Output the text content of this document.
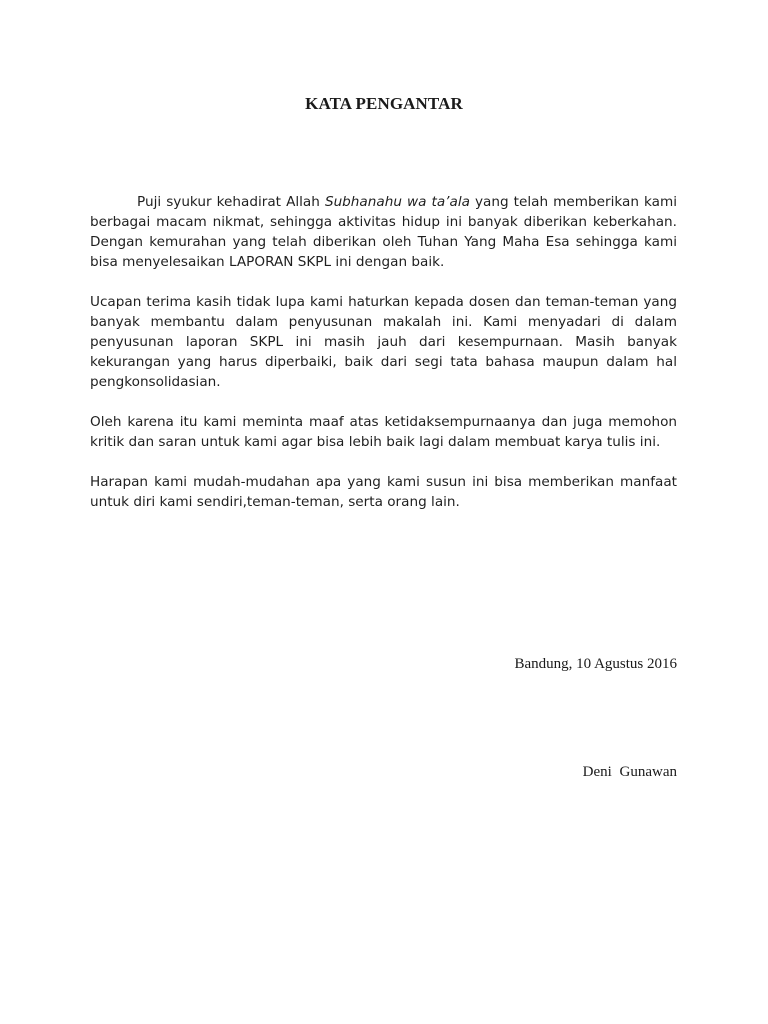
KATA PENGANTAR

Puji syukur kehadirat Allah Subhanahu wa ta’ala yang telah memberikan kami berbagai macam nikmat, sehingga aktivitas hidup ini banyak diberikan keberkahan. Dengan kemurahan yang telah diberikan oleh Tuhan Yang Maha Esa sehingga kami bisa menyelesaikan LAPORAN SKPL ini dengan baik.

Ucapan terima kasih tidak lupa kami haturkan kepada dosen dan teman-teman yang banyak membantu dalam penyusunan makalah ini. Kami menyadari di dalam penyusunan laporan SKPL ini masih jauh dari kesempurnaan. Masih banyak kekurangan yang harus diperbaiki, baik dari segi tata bahasa maupun dalam hal pengkonsolidasian.

Oleh karena itu kami meminta maaf atas ketidaksempurnaanya dan juga memohon kritik dan saran untuk kami agar bisa lebih baik lagi dalam membuat karya tulis ini.

Harapan kami mudah-mudahan apa yang kami susun ini bisa memberikan manfaat untuk diri kami sendiri,teman-teman, serta orang lain.

Bandung, 10 Agustus 2016
Deni Gunawan
